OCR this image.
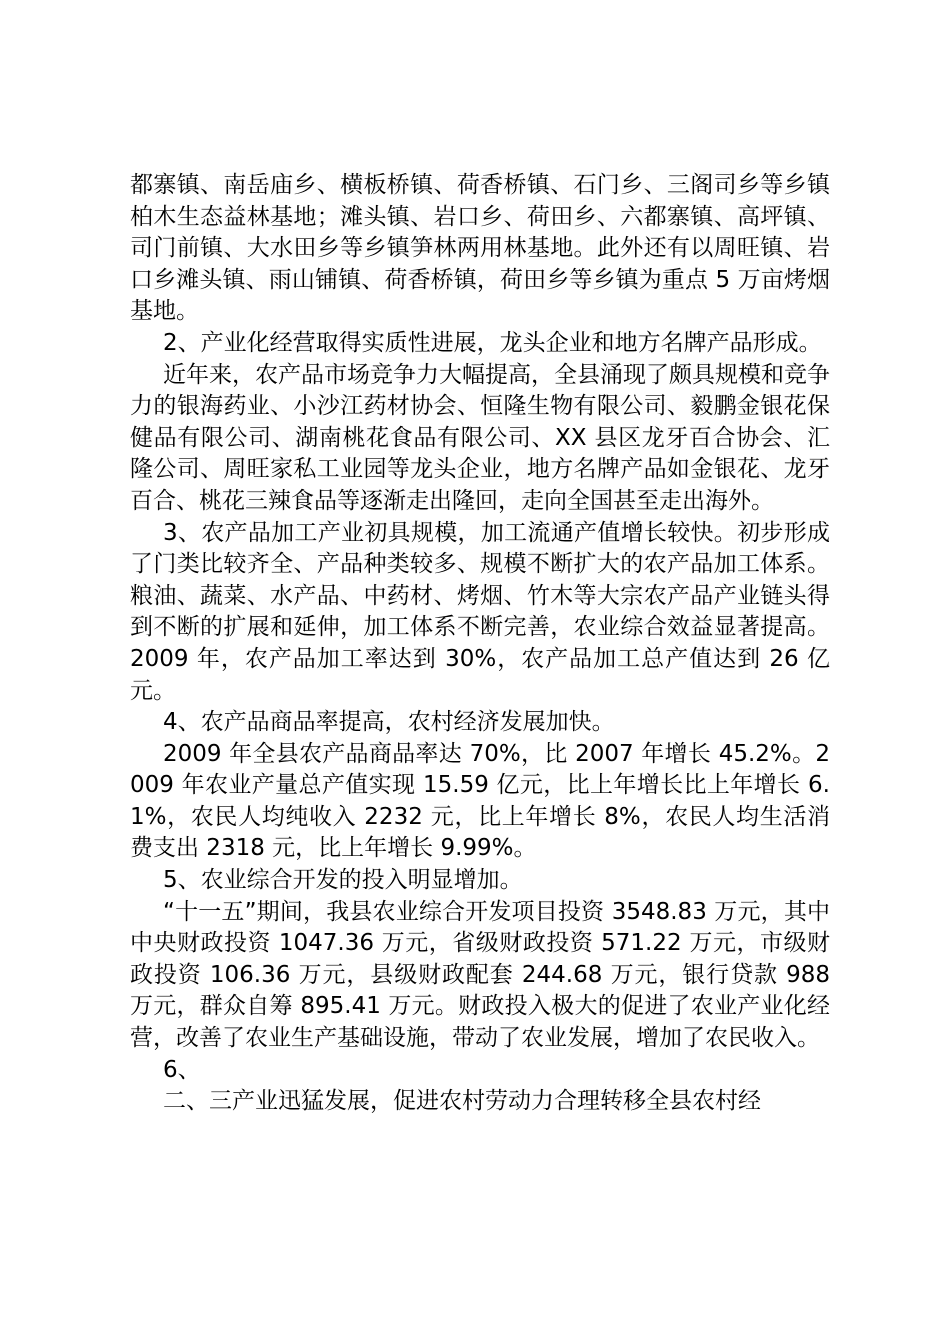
都寨镇、南岳庙乡、横板桥镇、荷香桥镇、石门乡、三阁司乡等乡镇柏木生态益林基地；滩头镇、岩口乡、荷田乡、六都寨镇、高坪镇、司门前镇、大水田乡等乡镇笋林两用林基地。此外还有以周旺镇、岩口乡滩头镇、雨山铺镇、荷香桥镇，荷田乡等乡镇为重点 5 万亩烤烟基地。

2、产业化经营取得实质性进展，龙头企业和地方名牌产品形成。

近年来，农产品市场竞争力大幅提高，全县涌现了颇具规模和竞争力的银海药业、小沙江药材协会、恒隆生物有限公司、毅鹏金银花保健品有限公司、湖南桃花食品有限公司、XX 县区龙牙百合协会、汇隆公司、周旺家私工业园等龙头企业，地方名牌产品如金银花、龙牙百合、桃花三辣食品等逐渐走出隆回，走向全国甚至走出海外。

3、农产品加工产业初具规模，加工流通产值增长较快。初步形成了门类比较齐全、产品种类较多、规模不断扩大的农产品加工体系。粮油、蔬菜、水产品、中药材、烤烟、竹木等大宗农产品产业链头得到不断的扩展和延伸，加工体系不断完善，农业综合效益显著提高。2009 年，农产品加工率达到 30%，农产品加工总产值达到 26 亿元。

4、农产品商品率提高，农村经济发展加快。

2009 年全县农产品商品率达 70%，比 2007 年增长 45.2%。2009 年农业产量总产值实现 15.59 亿元，比上年增长比上年增长 6.1%，农民人均纯收入 2232 元，比上年增长 8%，农民人均生活消费支出 2318 元，比上年增长 9.99%。

5、农业综合开发的投入明显增加。

“十一五”期间，我县农业综合开发项目投资 3548.83 万元，其中中央财政投资 1047.36 万元，省级财政投资 571.22 万元，市级财政投资 106.36 万元，县级财政配套 244.68 万元，银行贷款 988 万元，群众自筹 895.41 万元。财政投入极大的促进了农业产业化经营，改善了农业生产基础设施，带动了农业发展，增加了农民收入。

6、

二、三产业迅猛发展，促进农村劳动力合理转移全县农村经
